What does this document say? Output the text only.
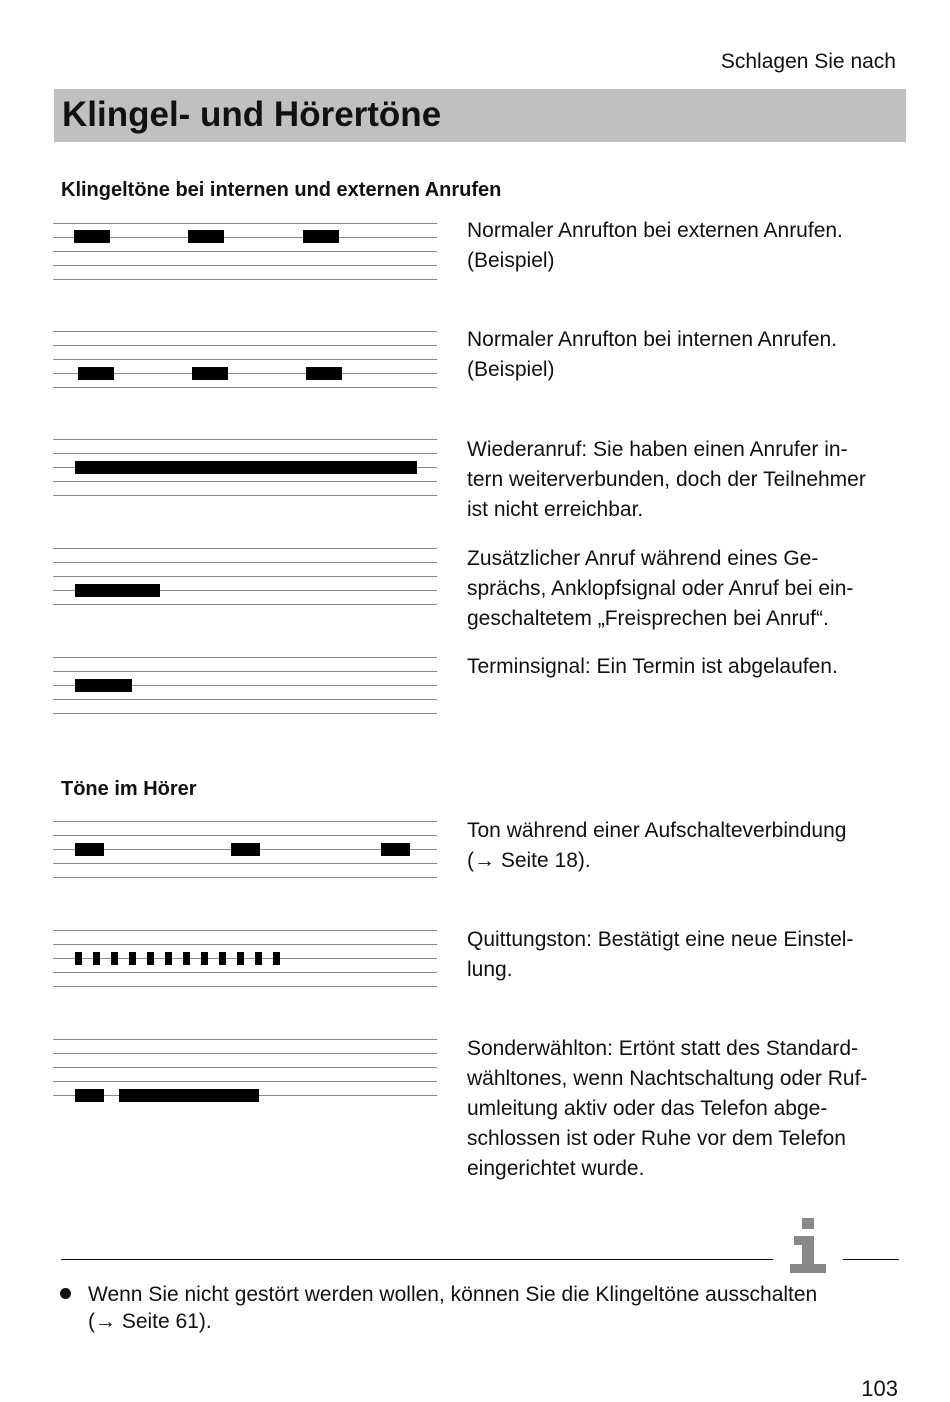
Schlagen Sie nach
Klingel- und Hörertöne
Klingeltöne bei internen und externen Anrufen
Normaler Anrufton bei externen Anrufen.
(Beispiel)
Normaler Anrufton bei internen Anrufen.
(Beispiel)
Wiederanruf: Sie haben einen Anrufer in-
tern weiterverbunden, doch der Teilnehmer
ist nicht erreichbar.
Zusätzlicher Anruf während eines Ge-
sprächs, Anklopfsignal oder Anruf bei ein-
geschaltetem „Freisprechen bei Anruf“.
Terminsignal: Ein Termin ist abgelaufen.
Töne im Hörer
Ton während einer Aufschalteverbindung
(→ Seite 18).
Quittungston: Bestätigt eine neue Einstel-
lung.
Sonderwählton: Ertönt statt des Standard-
wähltones, wenn Nachtschaltung oder Ruf-
umleitung aktiv oder das Telefon abge-
schlossen ist oder Ruhe vor dem Telefon
eingerichtet wurde.
Wenn Sie nicht gestört werden wollen, können Sie die Klingeltöne ausschalten
(→ Seite 61).
103
